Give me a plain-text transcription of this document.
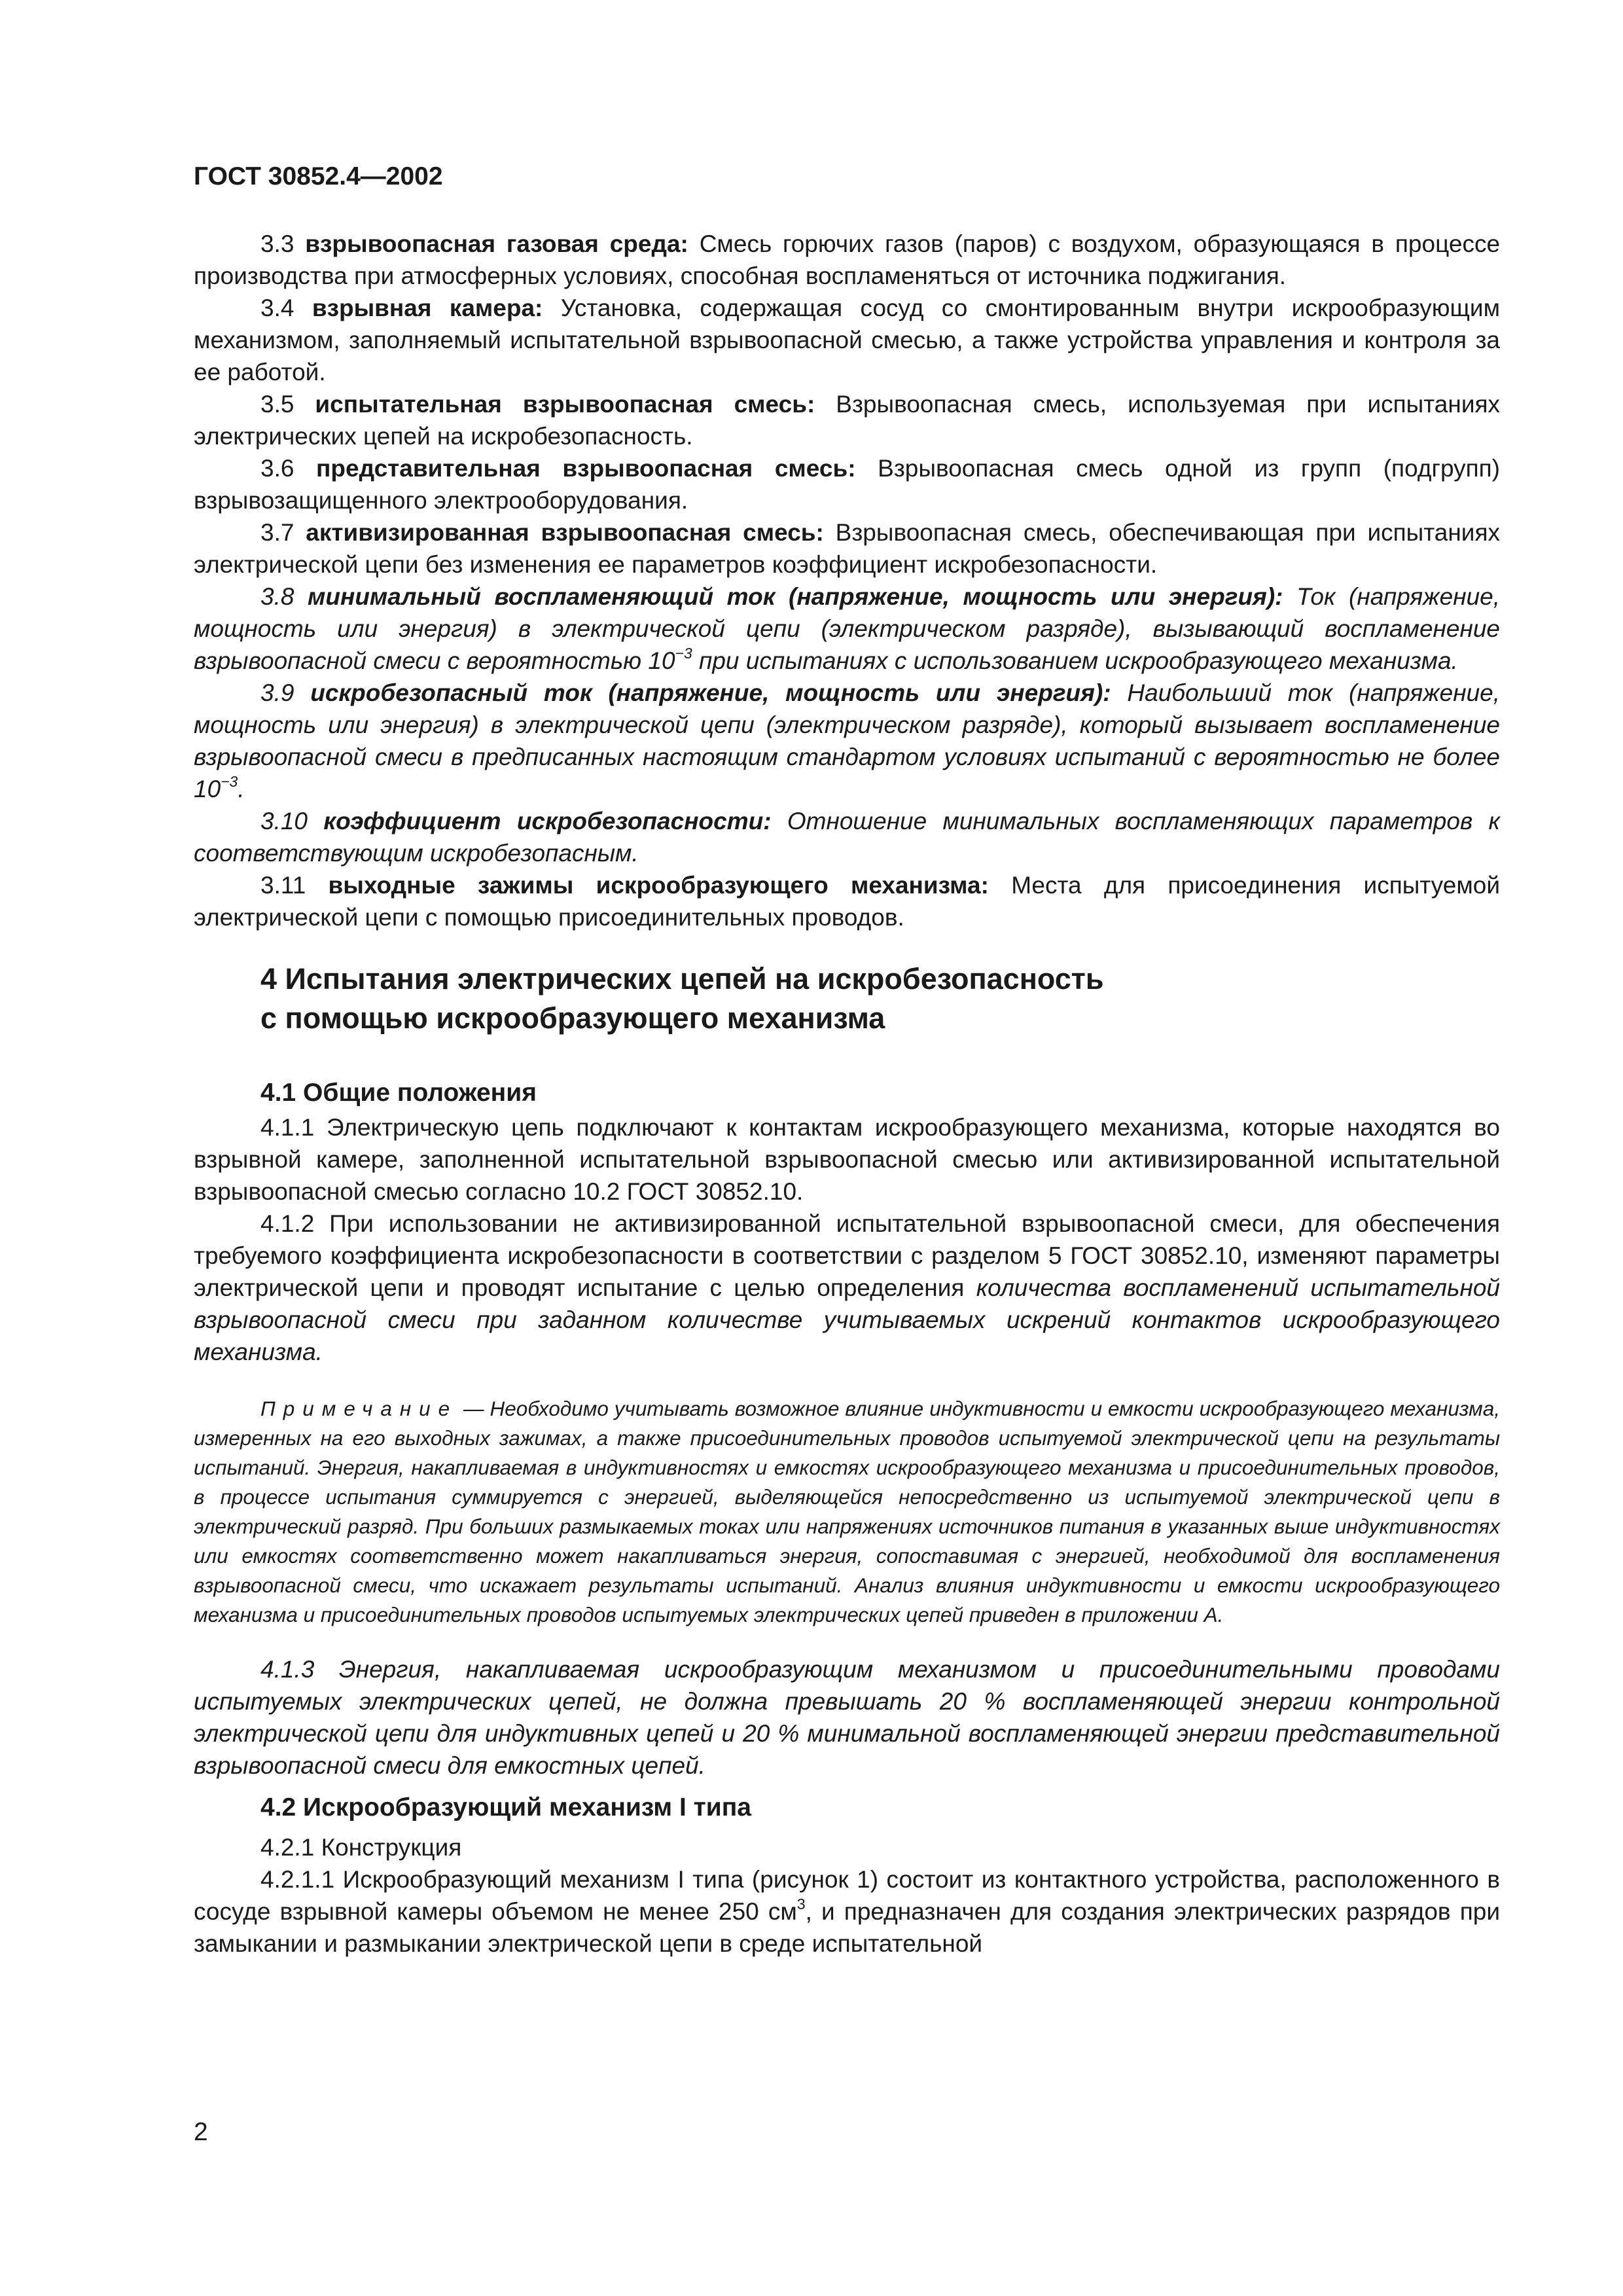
ГОСТ 30852.4—2002

3.3 взрывоопасная газовая среда: Смесь горючих газов (паров) с воздухом, образующаяся в процессе производства при атмосферных условиях, способная воспламеняться от источника поджигания.

3.4 взрывная камера: Установка, содержащая сосуд со смонтированным внутри искрообразующим механизмом, заполняемый испытательной взрывоопасной смесью, а также устройства управления и контроля за ее работой.

3.5 испытательная взрывоопасная смесь: Взрывоопасная смесь, используемая при испытаниях электрических цепей на искробезопасность.

3.6 представительная взрывоопасная смесь: Взрывоопасная смесь одной из групп (подгрупп) взрывозащищенного электрооборудования.

3.7 активизированная взрывоопасная смесь: Взрывоопасная смесь, обеспечивающая при испытаниях электрической цепи без изменения ее параметров коэффициент искробезопасности.

3.8 минимальный воспламеняющий ток (напряжение, мощность или энергия): Ток (напряжение, мощность или энергия) в электрической цепи (электрическом разряде), вызывающий воспламенение взрывоопасной смеси с вероятностью $10^{-3}$ при испытаниях с использованием искрообразующего механизма.

3.9 искробезопасный ток (напряжение, мощность или энергия): Наибольший ток (напряжение, мощность или энергия) в электрической цепи (электрическом разряде), который вызывает воспламенение взрывоопасной смеси в предписанных настоящим стандартом условиях испытаний с вероятностью не более $10^{-3}$.

3.10 коэффициент искробезопасности: Отношение минимальных воспламеняющих параметров к соответствующим искробезопасным.

3.11 выходные зажимы искрообразующего механизма: Места для присоединения испытуемой электрической цепи с помощью присоединительных проводов.

4 Испытания электрических цепей на искробезопасность
с помощью искрообразующего механизма
4.1 Общие положения

4.1.1 Электрическую цепь подключают к контактам искрообразующего механизма, которые находятся во взрывной камере, заполненной испытательной взрывоопасной смесью или активизированной испытательной взрывоопасной смесью согласно 10.2 ГОСТ 30852.10.

4.1.2 При использовании не активизированной испытательной взрывоопасной смеси, для обеспечения требуемого коэффициента искробезопасности в соответствии с разделом 5 ГОСТ 30852.10, изменяют параметры электрической цепи и проводят испытание с целью определения количества воспламенений испытательной взрывоопасной смеси при заданном количестве учитываемых искрений контактов искрообразующего механизма.

Примечание — Необходимо учитывать возможное влияние индуктивности и емкости искрообразующего механизма, измеренных на его выходных зажимах, а также присоединительных проводов испытуемой электрической цепи на результаты испытаний. Энергия, накапливаемая в индуктивностях и емкостях искрообразующего механизма и присоединительных проводов, в процессе испытания суммируется с энергией, выделяющейся непосредственно из испытуемой электрической цепи в электрический разряд. При больших размыкаемых токах или напряжениях источников питания в указанных выше индуктивностях или емкостях соответственно может накапливаться энергия, сопоставимая с энергией, необходимой для воспламенения взрывоопасной смеси, что искажает результаты испытаний. Анализ влияния индуктивности и емкости искрообразующего механизма и присоединительных проводов испытуемых электрических цепей приведен в приложении А.

4.1.3 Энергия, накапливаемая искрообразующим механизмом и присоединительными проводами испытуемых электрических цепей, не должна превышать 20 % воспламеняющей энергии контрольной электрической цепи для индуктивных цепей и 20 % минимальной воспламеняющей энергии представительной взрывоопасной смеси для емкостных цепей.

4.2 Искрообразующий механизм I типа

4.2.1 Конструкция

4.2.1.1 Искрообразующий механизм I типа (рисунок 1) состоит из контактного устройства, расположенного в сосуде взрывной камеры объемом не менее 250 $см^3$, и предназначен для создания электрических разрядов при замыкании и размыкании электрической цепи в среде испытательной

2
